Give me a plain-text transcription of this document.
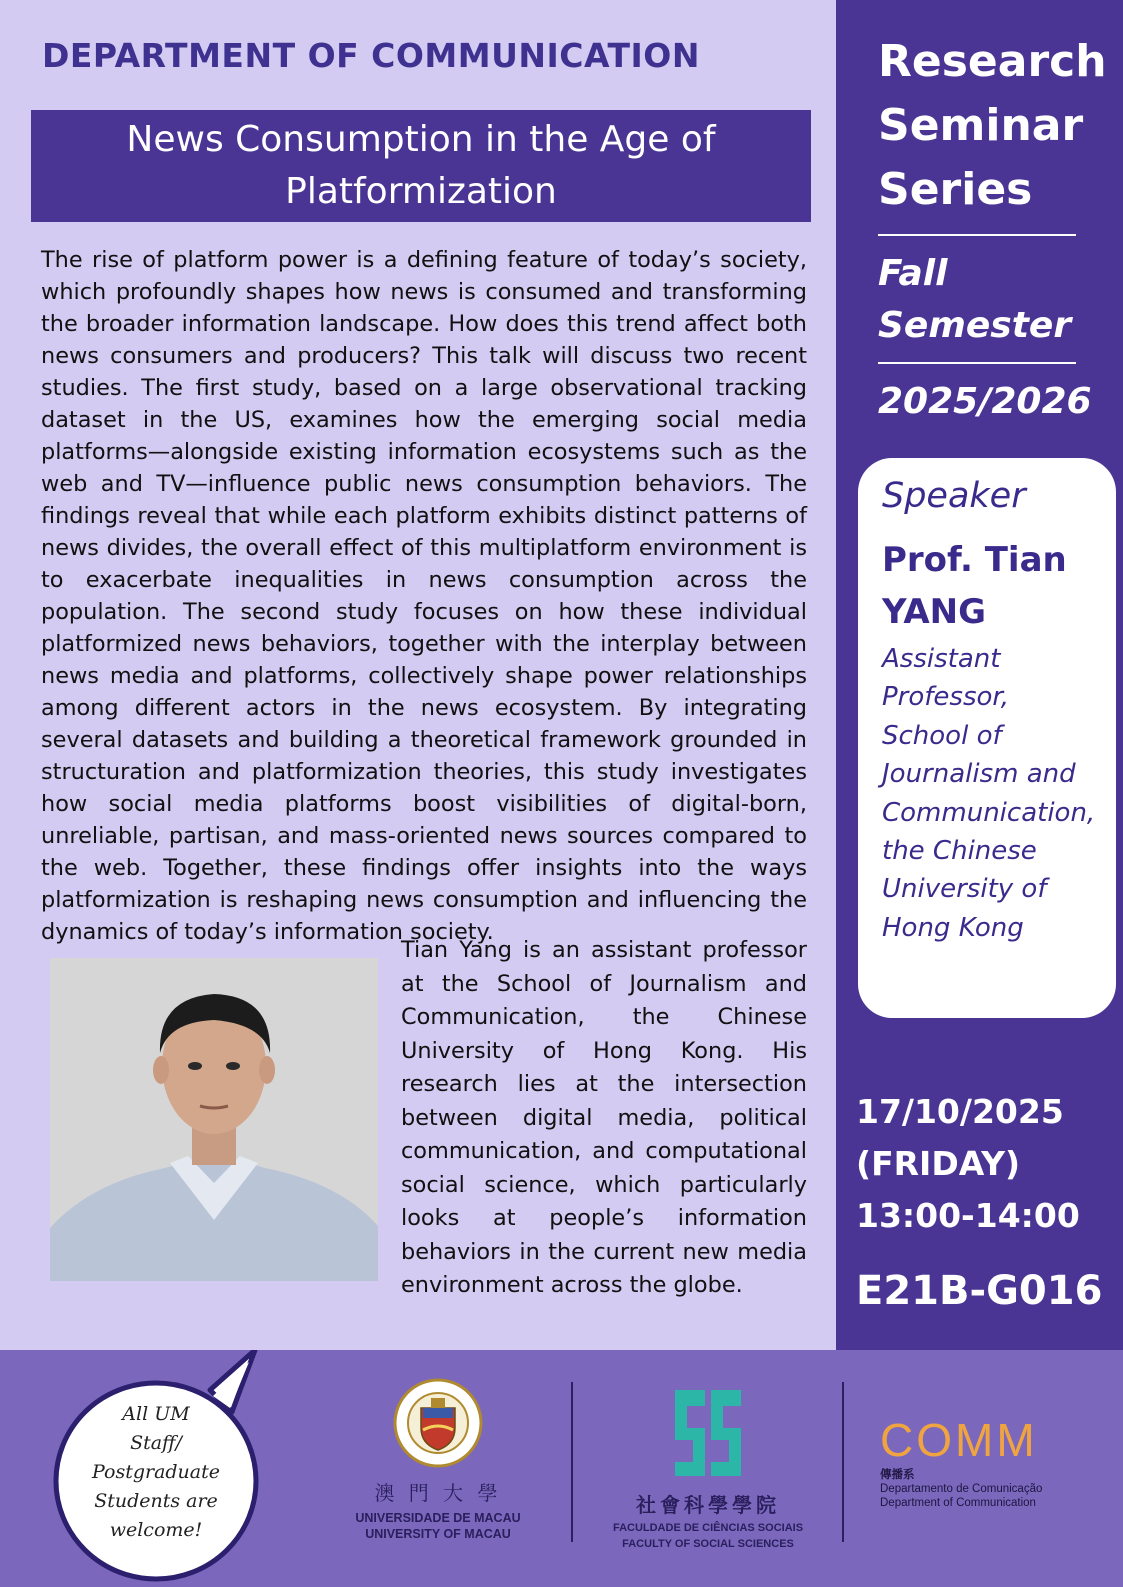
DEPARTMENT OF COMMUNICATION
News Consumption in the Age of
Platformization

The rise of platform power is a defining feature of today’s society, which profoundly shapes how news is consumed and transforming the broader information landscape. How does this trend affect both news consumers and producers? This talk will discuss two recent studies. The first study, based on a large observational tracking dataset in the US, examines how the emerging social media platforms—alongside existing information ecosystems such as the web and TV—influence public news consumption behaviors. The findings reveal that while each platform exhibits distinct patterns of news divides, the overall effect of this multiplatform environment is to exacerbate inequalities in news consumption across the population. The second study focuses on how these individual platformized news behaviors, together with the interplay between news media and platforms, collectively shape power relationships among different actors in the news ecosystem. By integrating several datasets and building a theoretical framework grounded in structuration and platformization theories, this study investigates how social media platforms boost visibilities of digital-born, unreliable, partisan, and mass-oriented news sources compared to the web. Together, these findings offer insights into the ways platformization is reshaping news consumption and influencing the dynamics of today’s information society.

Tian Yang is an assistant professor at the School of Journalism and Communication, the Chinese University of Hong Kong. His research lies at the intersection between digital media, political communication, and computational social science, which particularly looks at people’s information behaviors in the current new media environment across the globe.

Research
Seminar
Series
Fall
Semester
2025/2026
Speaker
Prof. Tian
YANG
Assistant
Professor,
School of
Journalism and
Communication,
the Chinese
University of
Hong Kong
17/10/2025
(FRIDAY)
13:00-14:00
E21B-G016
All UM
Staff/
Postgraduate
Students are
welcome!
澳 門 大 學
UNIVERSIDADE DE MACAU
UNIVERSITY OF MACAU
社會科學學院
FACULDADE DE CIÊNCIAS SOCIAIS
FACULTY OF SOCIAL SCIENCES
COMM
傳播系
Departamento de Comunicação
Department of Communication
